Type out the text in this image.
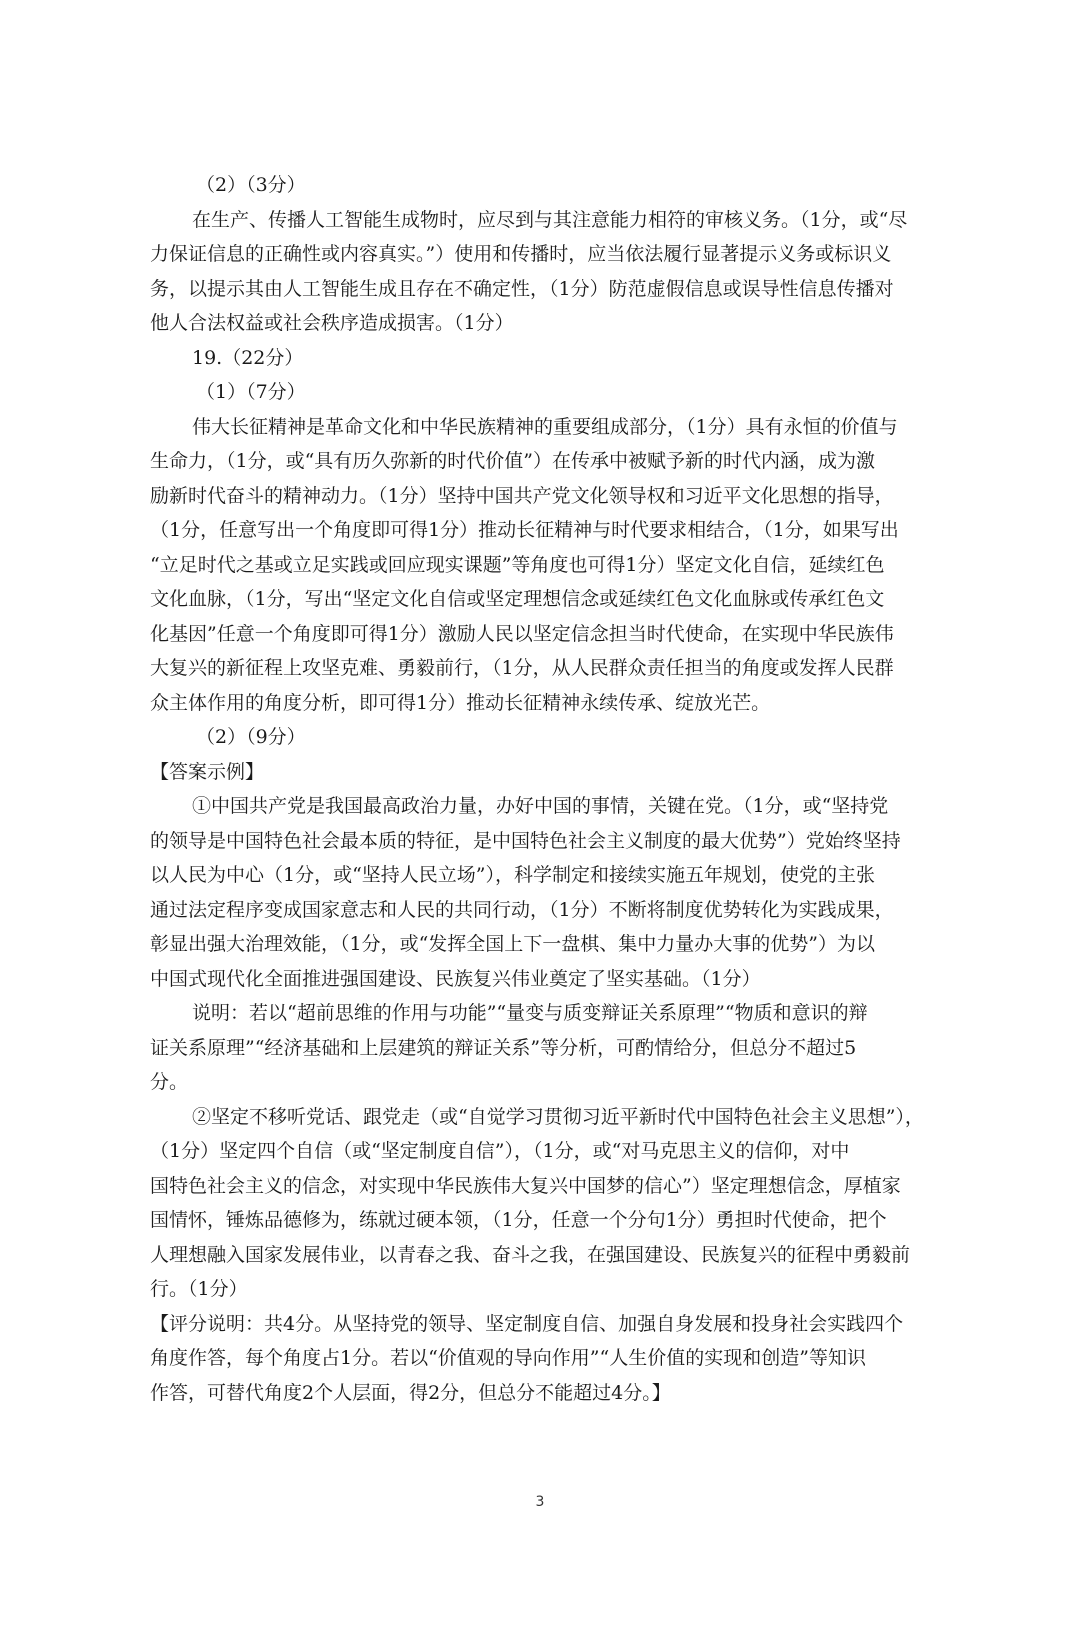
（2）（3分）
在生产、传播人工智能生成物时，应尽到与其注意能力相符的审核义务。（1分，或“尽
力保证信息的正确性或内容真实。”）使用和传播时，应当依法履行显著提示义务或标识义
务，以提示其由人工智能生成且存在不确定性，（1分）防范虚假信息或误导性信息传播对
他人合法权益或社会秩序造成损害。（1分）
19.（22分）
（1）（7分）
伟大长征精神是革命文化和中华民族精神的重要组成部分，（1分）具有永恒的价值与
生命力，（1分，或“具有历久弥新的时代价值”）在传承中被赋予新的时代内涵，成为激
励新时代奋斗的精神动力。（1分）坚持中国共产党文化领导权和习近平文化思想的指导，
（1分，任意写出一个角度即可得1分）推动长征精神与时代要求相结合，（1分，如果写出
“立足时代之基或立足实践或回应现实课题”等角度也可得1分）坚定文化自信，延续红色
文化血脉，（1分，写出“坚定文化自信或坚定理想信念或延续红色文化血脉或传承红色文
化基因”任意一个角度即可得1分）激励人民以坚定信念担当时代使命，在实现中华民族伟
大复兴的新征程上攻坚克难、勇毅前行，（1分，从人民群众责任担当的角度或发挥人民群
众主体作用的角度分析，即可得1分）推动长征精神永续传承、绽放光芒。
（2）（9分）
【答案示例】
①中国共产党是我国最高政治力量，办好中国的事情，关键在党。（1分，或“坚持党
的领导是中国特色社会最本质的特征，是中国特色社会主义制度的最大优势”）党始终坚持
以人民为中心（1分，或“坚持人民立场”），科学制定和接续实施五年规划，使党的主张
通过法定程序变成国家意志和人民的共同行动，（1分）不断将制度优势转化为实践成果，
彰显出强大治理效能，（1分，或“发挥全国上下一盘棋、集中力量办大事的优势”）为以
中国式现代化全面推进强国建设、民族复兴伟业奠定了坚实基础。（1分）
说明：若以“超前思维的作用与功能”“量变与质变辩证关系原理”“物质和意识的辩
证关系原理”“经济基础和上层建筑的辩证关系”等分析，可酌情给分，但总分不超过5
分。
②坚定不移听党话、跟党走（或“自觉学习贯彻习近平新时代中国特色社会主义思想”），
（1分）坚定四个自信（或“坚定制度自信”），（1分，或“对马克思主义的信仰，对中
国特色社会主义的信念，对实现中华民族伟大复兴中国梦的信心”）坚定理想信念，厚植家
国情怀，锤炼品德修为，练就过硬本领，（1分，任意一个分句1分）勇担时代使命，把个
人理想融入国家发展伟业，以青春之我、奋斗之我，在强国建设、民族复兴的征程中勇毅前
行。（1分）
【评分说明：共4分。从坚持党的领导、坚定制度自信、加强自身发展和投身社会实践四个
角度作答，每个角度占1分。若以“价值观的导向作用”“人生价值的实现和创造”等知识
作答，可替代角度2个人层面，得2分，但总分不能超过4分。】
3
